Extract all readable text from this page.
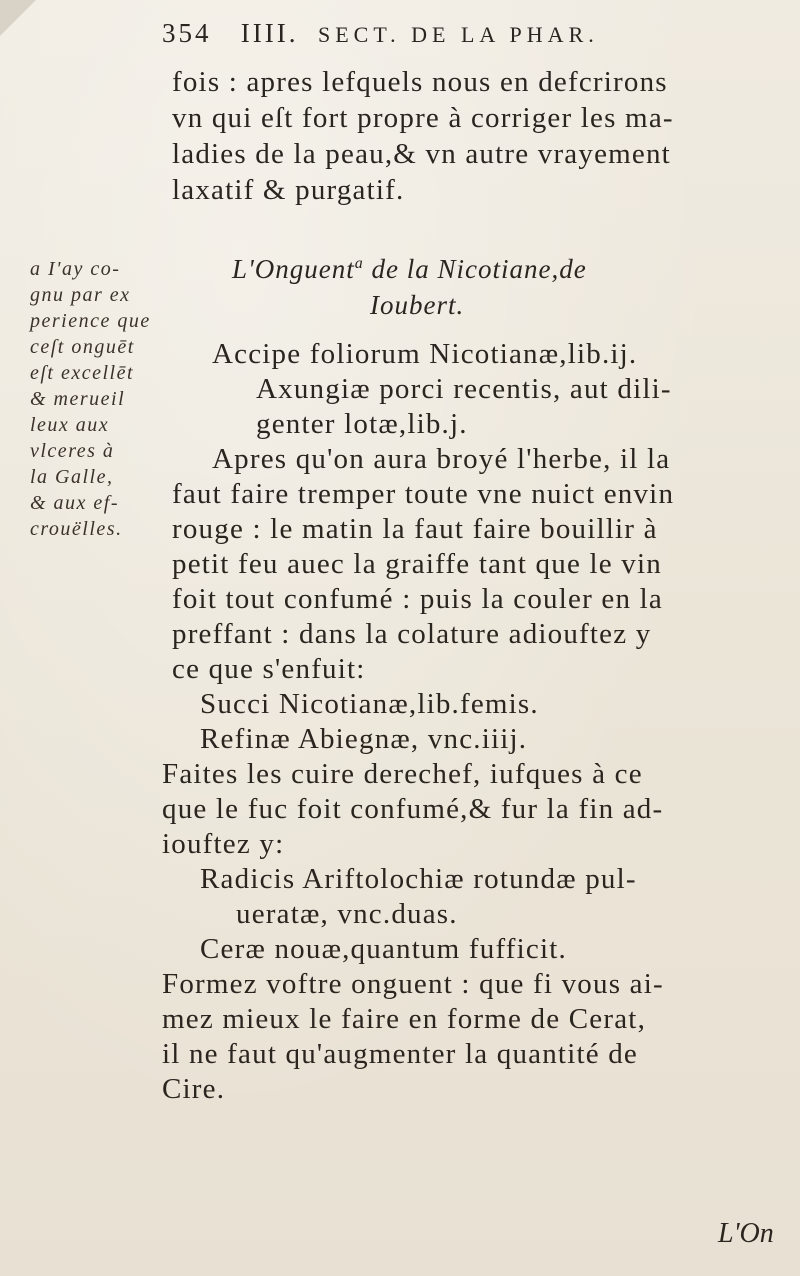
354 IIII. SECT. DE LA PHAR.
fois : apres lefquels nous en defcrirons
vn qui eſt fort propre à corriger les ma-
ladies de la peau,& vn autre vrayement
laxatif & purgatif.
a I'ay co-
gnu par ex
perience que
ceſt onguēt
eſt excellēt
& merueil
leux aux
vlceres à
la Galle,
& aux ef-
crouëlles.
L'Onguent$^a$ de la Nicotiane,de
Ioubert.
Accipe foliorum Nicotianæ,lib.ij.
Axungiæ porci recentis, aut dili-
genter lotæ,lib.j.
Apres qu'on aura broyé l'herbe, il la
faut faire tremper toute vne nuict envin
rouge : le matin la faut faire bouillir à
petit feu auec la graiffe tant que le vin
foit tout confumé : puis la couler en la
preffant : dans la colature adiouftez y
ce que s'enfuit:
Succi Nicotianæ,lib.femis.
Refinæ Abiegnæ, vnc.iiij.
Faites les cuire derechef, iufques à ce
que le fuc foit confumé,& fur la fin ad-
iouftez y:
Radicis Ariftolochiæ rotundæ pul-
ueratæ, vnc.duas.
Ceræ nouæ,quantum fufficit.
Formez voftre onguent : que fi vous ai-
mez mieux le faire en forme de Cerat,
il ne faut qu'augmenter la quantité de
Cire.
L'On
